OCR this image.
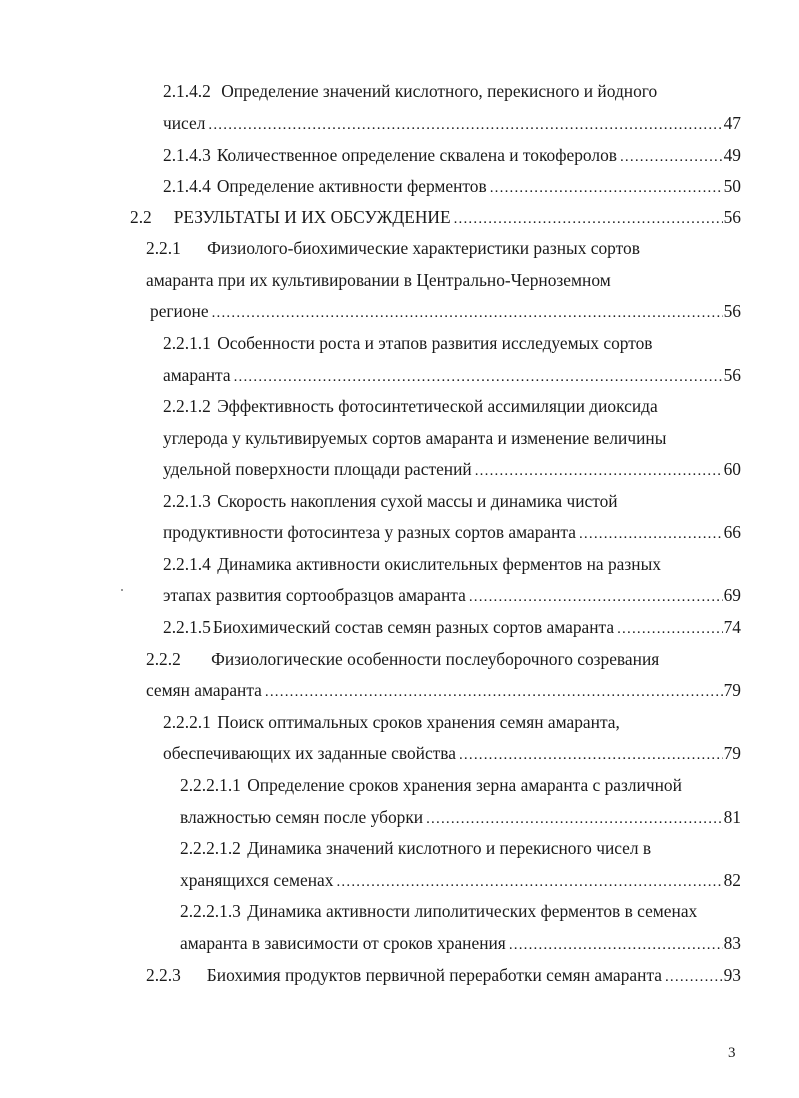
2.1.4.2 Определение значений кислотного, перекисного и йодного
чисел .....	47
2.1.4.3 Количественное определение сквалена и токоферолов .....	49
2.1.4.4 Определение активности ферментов .....	50
2.2 РЕЗУЛЬТАТЫ И ИХ ОБСУЖДЕНИЕ .....	56
2.2.1 Физиолого-биохимические характеристики разных сортов
амаранта при их культивировании в Центрально-Черноземном
регионе .....	56
2.2.1.1 Особенности роста и этапов развития исследуемых сортов
амаранта .....	56
2.2.1.2 Эффективность фотосинтетической ассимиляции диоксида
углерода у культивируемых сортов амаранта и изменение величины
удельной поверхности площади растений .....	60
2.2.1.3 Скорость накопления сухой массы и динамика чистой
продуктивности фотосинтеза у разных сортов амаранта .....	66
2.2.1.4 Динамика активности окислительных ферментов на разных
этапах развития сортообразцов амаранта .....	69
2.2.1.5 Биохимический состав семян разных сортов амаранта .....	74
2.2.2 Физиологические особенности послеуборочного созревания
семян амаранта .....	79
2.2.2.1 Поиск оптимальных сроков хранения семян амаранта,
обеспечивающих их заданные свойства .....	79
2.2.2.1.1 Определение сроков хранения зерна амаранта с различной
влажностью семян после уборки .....	81
2.2.2.1.2 Динамика значений кислотного и перекисного чисел в
хранящихся семенах .....	82
2.2.2.1.3 Динамика активности липолитических ферментов в семенах
амаранта в зависимости от сроков хранения .....	83
2.2.3 Биохимия продуктов первичной переработки семян амаранта .....	93
3
